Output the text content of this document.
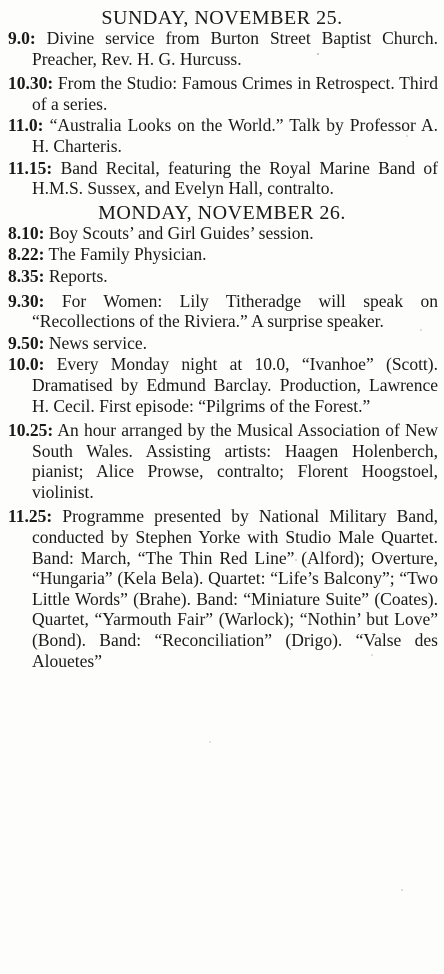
SUNDAY, NOVEMBER 25.

9.0: Divine service from Burton Street Baptist Church. Preacher, Rev. H. G. Hurcuss.

10.30: From the Studio: Famous Crimes in Retrospect. Third of a series.

11.0: “Australia Looks on the World.” Talk by Professor A. H. Charteris.

11.15: Band Recital, featuring the Royal Marine Band of H.M.S. Sussex, and Evelyn Hall, contralto.

MONDAY, NOVEMBER 26.

8.10: Boy Scouts’ and Girl Guides’ session.

8.22: The Family Physician.

8.35: Reports.

9.30: For Women: Lily Titheradge will speak on “Recollections of the Riviera.” A surprise speaker.

9.50: News service.

10.0: Every Monday night at 10.0, “Ivanhoe” (Scott). Dramatised by Edmund Barclay. Production, Lawrence H. Cecil. First episode: “Pilgrims of the Forest.”

10.25: An hour arranged by the Musical Association of New South Wales. Assisting artists: Haagen Holenberch, pianist; Alice Prowse, contralto; Florent Hoogstoel, violinist.

11.25: Programme presented by National Military Band, conducted by Stephen Yorke with Studio Male Quartet. Band: March, “The Thin Red Line” (Alford); Overture, “Hungaria” (Kela Bela). Quartet: “Life’s Balcony”; “Two Little Words” (Brahe). Band: “Miniature Suite” (Coates). Quartet, “Yarmouth Fair” (Warlock); “Nothin’ but Love” (Bond). Band: “Reconciliation” (Drigo). “Valse des Alouetes”
